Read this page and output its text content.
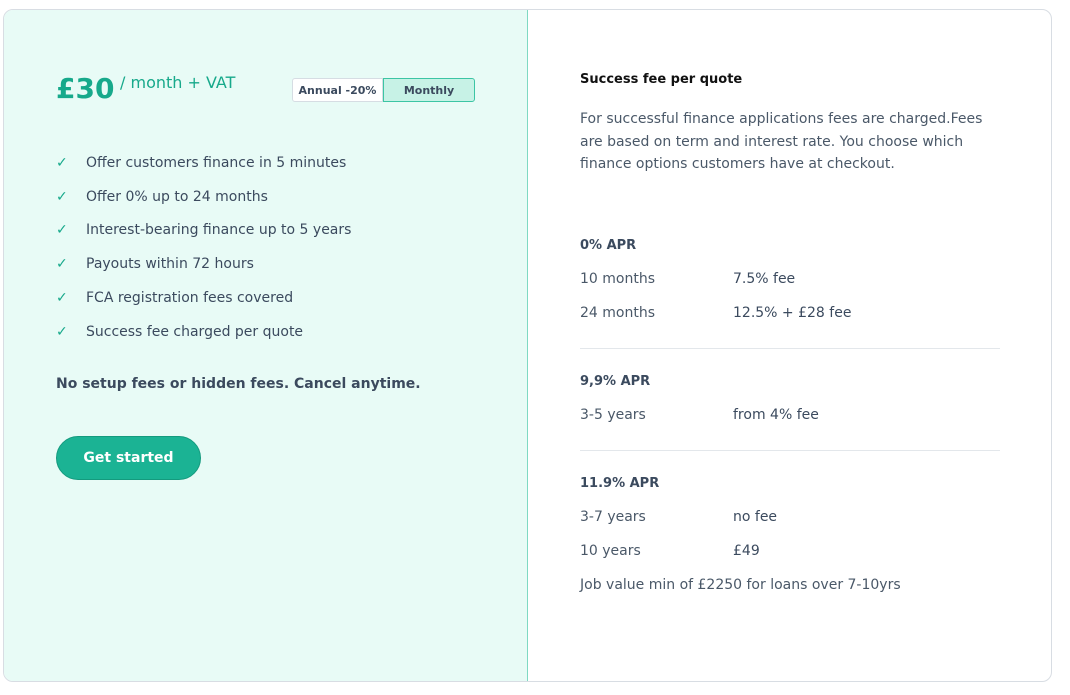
£30 / month + VAT	Annual -20%	Monthly
✓	Offer customers finance in 5 minutes
✓	Offer 0% up to 24 months
✓	Interest-bearing finance up to 5 years
✓	Payouts within 72 hours
✓	FCA registration fees covered
✓	Success fee charged per quote
No setup fees or hidden fees. Cancel anytime.
Get started
Success fee per quote
For successful finance applications fees are charged.Fees are based on term and interest rate. You choose which finance options customers have at checkout.
0% APR
10 months	7.5% fee
24 months	12.5% + £28 fee
9,9% APR
3-5 years	from 4% fee
11.9% APR
3-7 years	no fee
10 years	£49
Job value min of £2250 for loans over 7-10yrs
